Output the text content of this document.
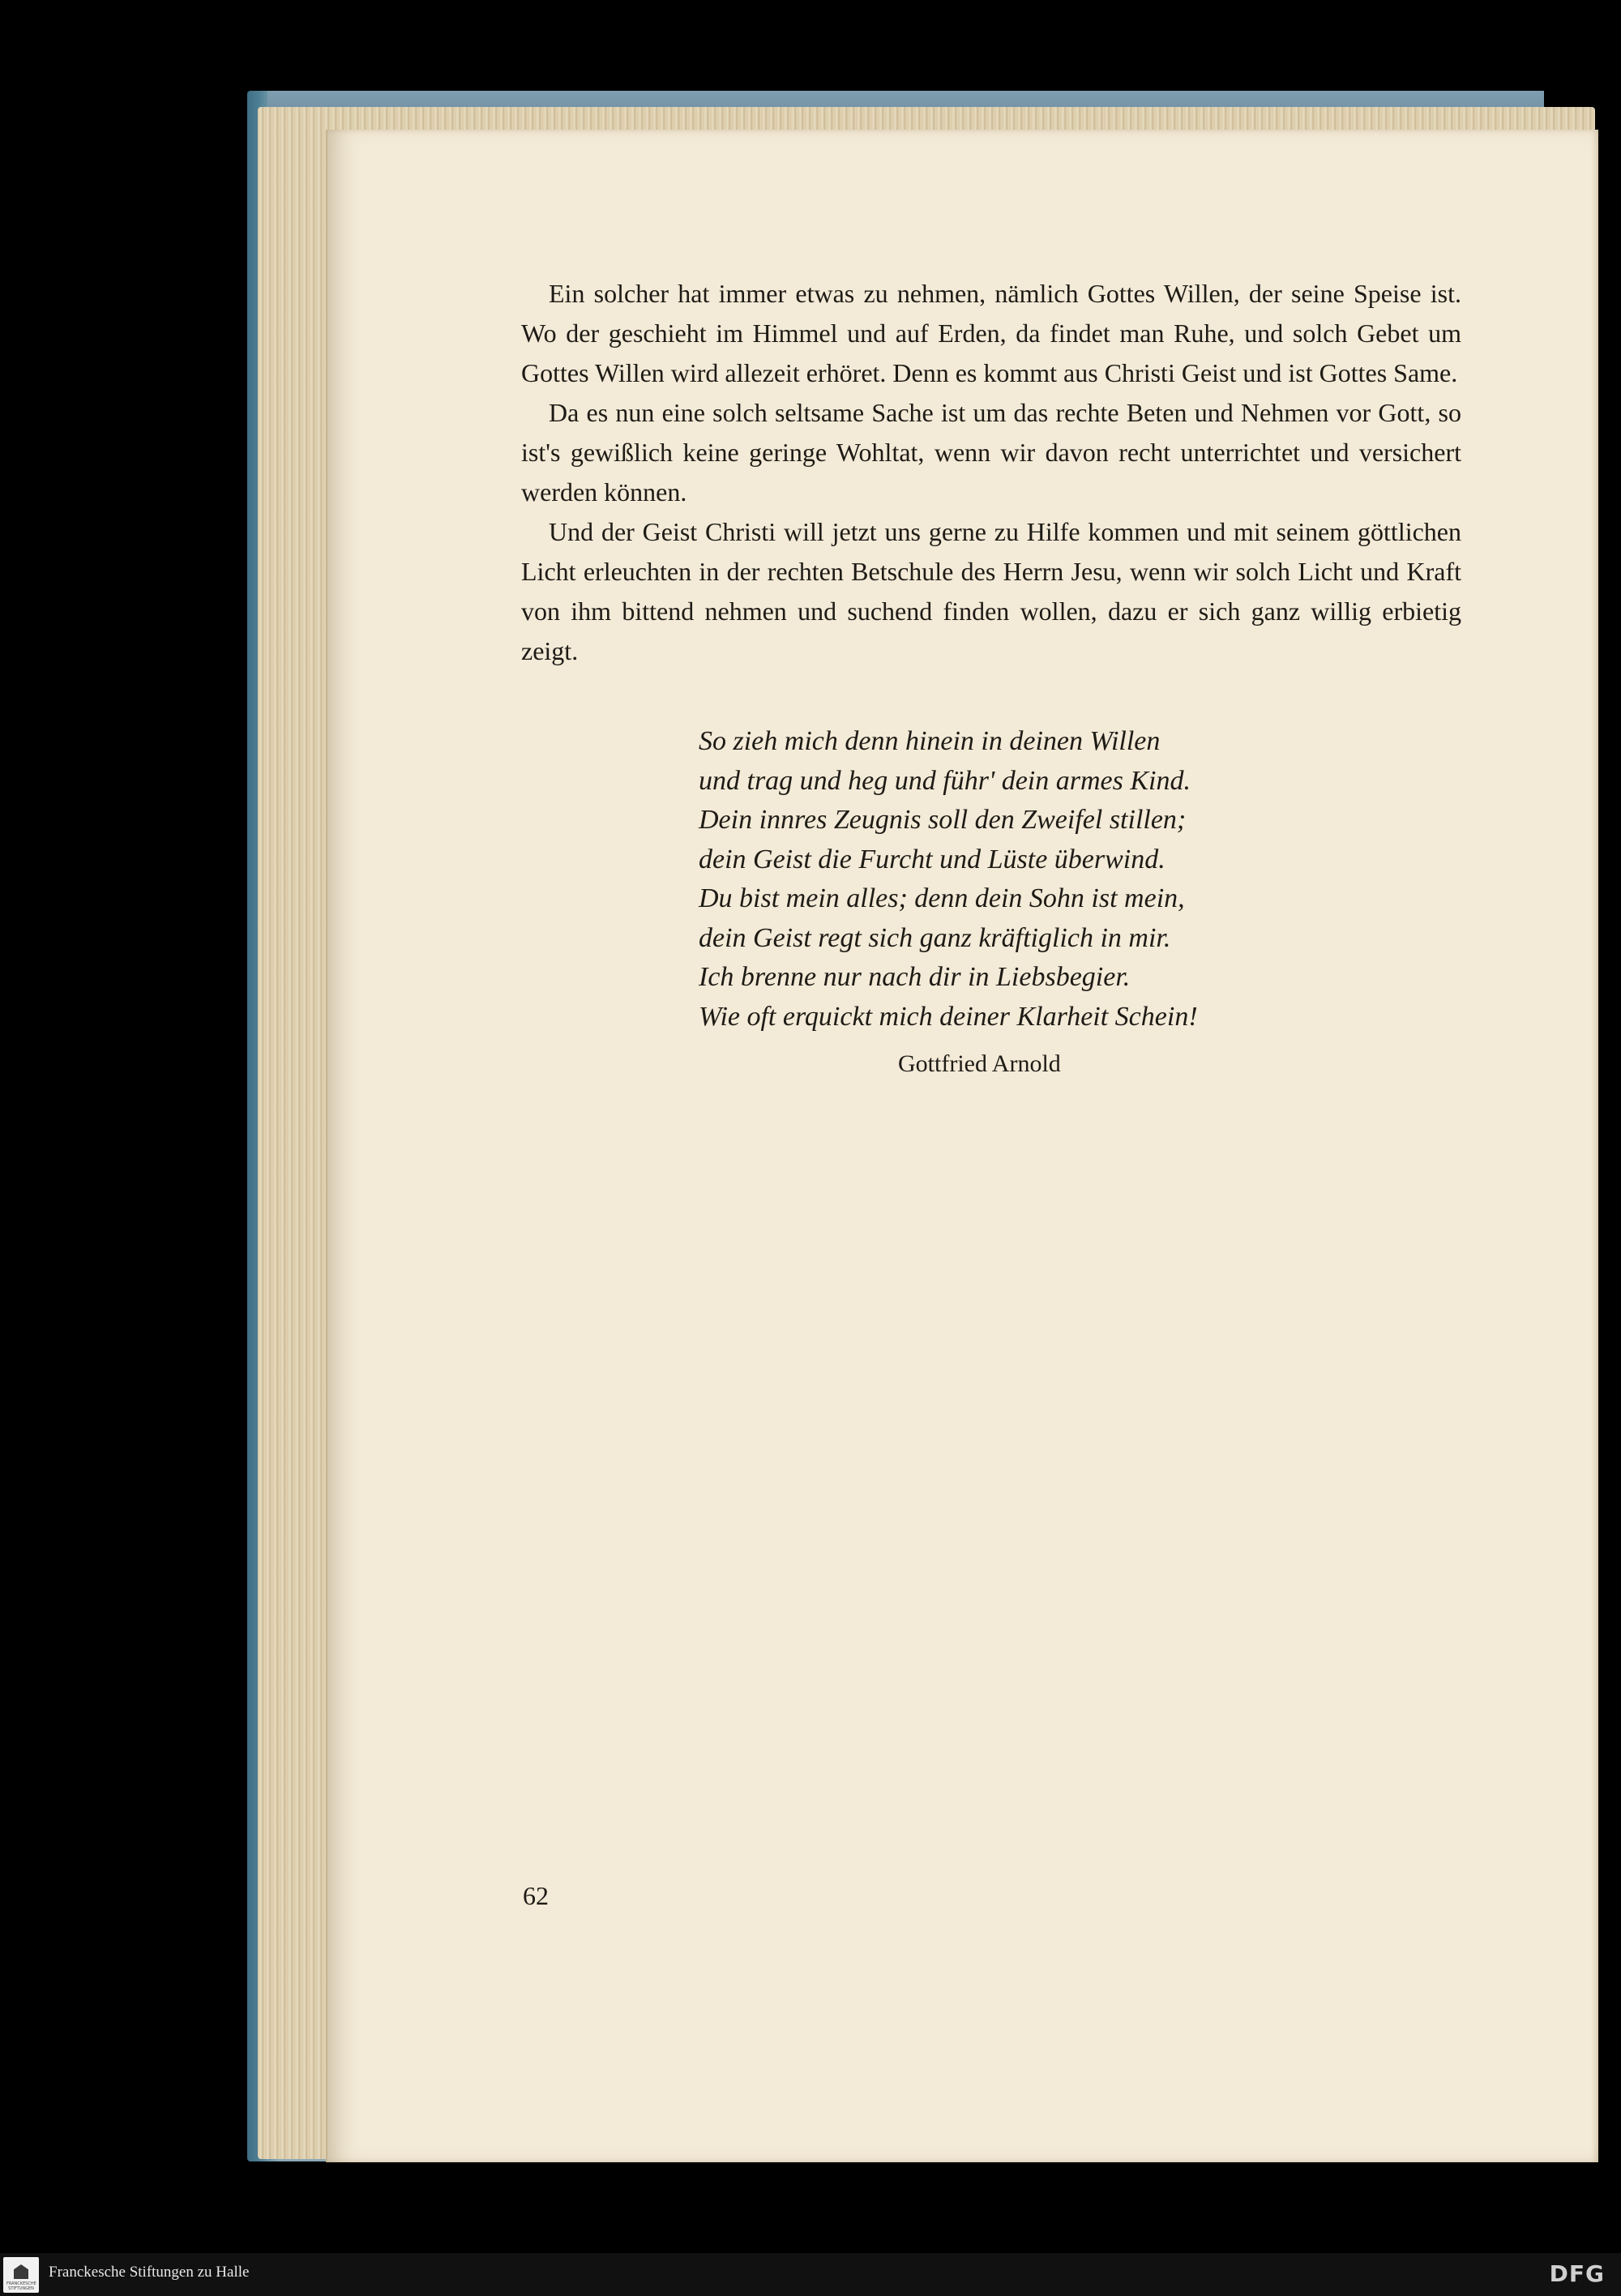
Ein solcher hat immer etwas zu nehmen, nämlich Gottes Willen, der seine Speise ist. Wo der geschieht im Himmel und auf Erden, da findet man Ruhe, und solch Gebet um Gottes Willen wird allezeit erhöret. Denn es kommt aus Christi Geist und ist Gottes Same.

Da es nun eine solch seltsame Sache ist um das rechte Beten und Nehmen vor Gott, so ist's gewißlich keine geringe Wohltat, wenn wir davon recht unterrichtet und versichert werden können.

Und der Geist Christi will jetzt uns gerne zu Hilfe kommen und mit seinem göttlichen Licht erleuchten in der rechten Betschule des Herrn Jesu, wenn wir solch Licht und Kraft von ihm bittend nehmen und suchend finden wollen, dazu er sich ganz willig erbietig zeigt.

So zieh mich denn hinein in deinen Willen
und trag und heg und führ' dein armes Kind.
Dein innres Zeugnis soll den Zweifel stillen;
dein Geist die Furcht und Lüste überwind.
Du bist mein alles; denn dein Sohn ist mein,
dein Geist regt sich ganz kräftiglich in mir.
Ich brenne nur nach dir in Liebsbegier.
Wie oft erquickt mich deiner Klarheit Schein!
Gottfried Arnold
62
FRANCKESCHE STIFTUNGEN
Franckesche Stiftungen zu Halle	DFG
